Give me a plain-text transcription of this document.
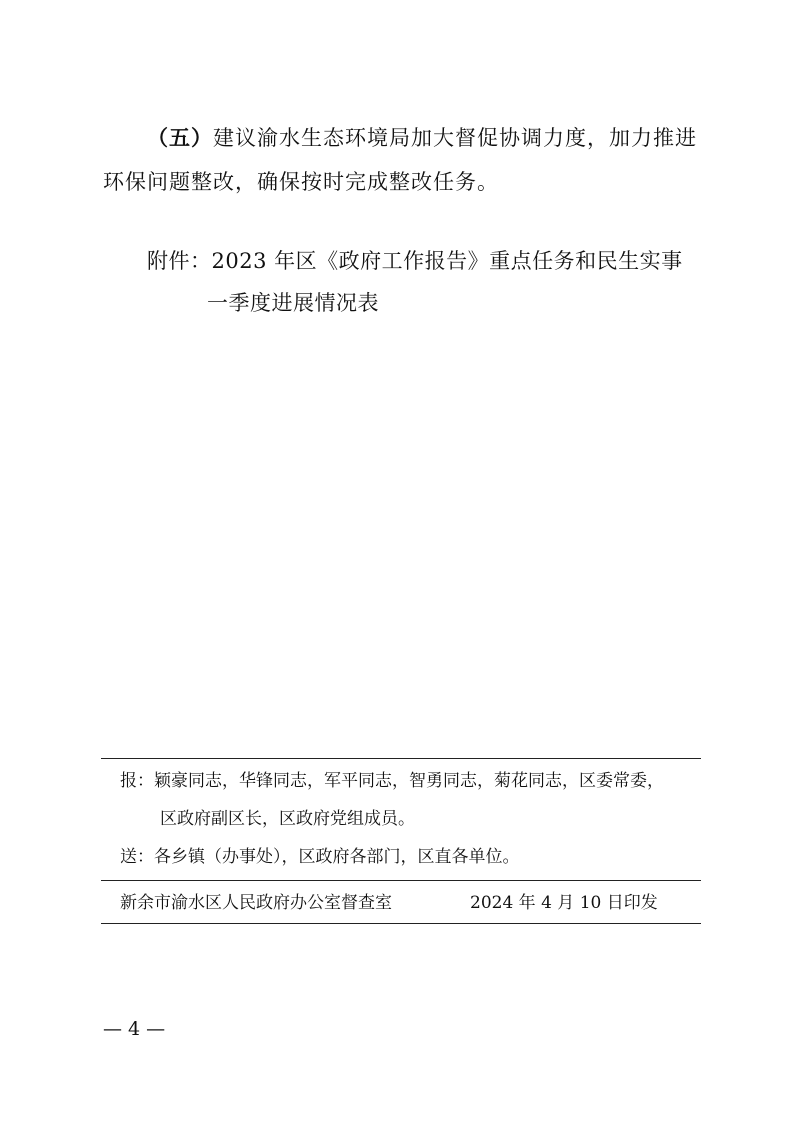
（五）建议渝水生态环境局加大督促协调力度，加力推进
环保问题整改，确保按时完成整改任务。
附件：2023 年区《政府工作报告》重点任务和民生实事
一季度进展情况表
报：颖豪同志，华锋同志，军平同志，智勇同志，菊花同志，区委常委，
区政府副区长，区政府党组成员。
送：各乡镇（办事处），区政府各部门，区直各单位。
新余市渝水区人民政府办公室督查室	2024 年 4 月 10 日印发
— 4 —
